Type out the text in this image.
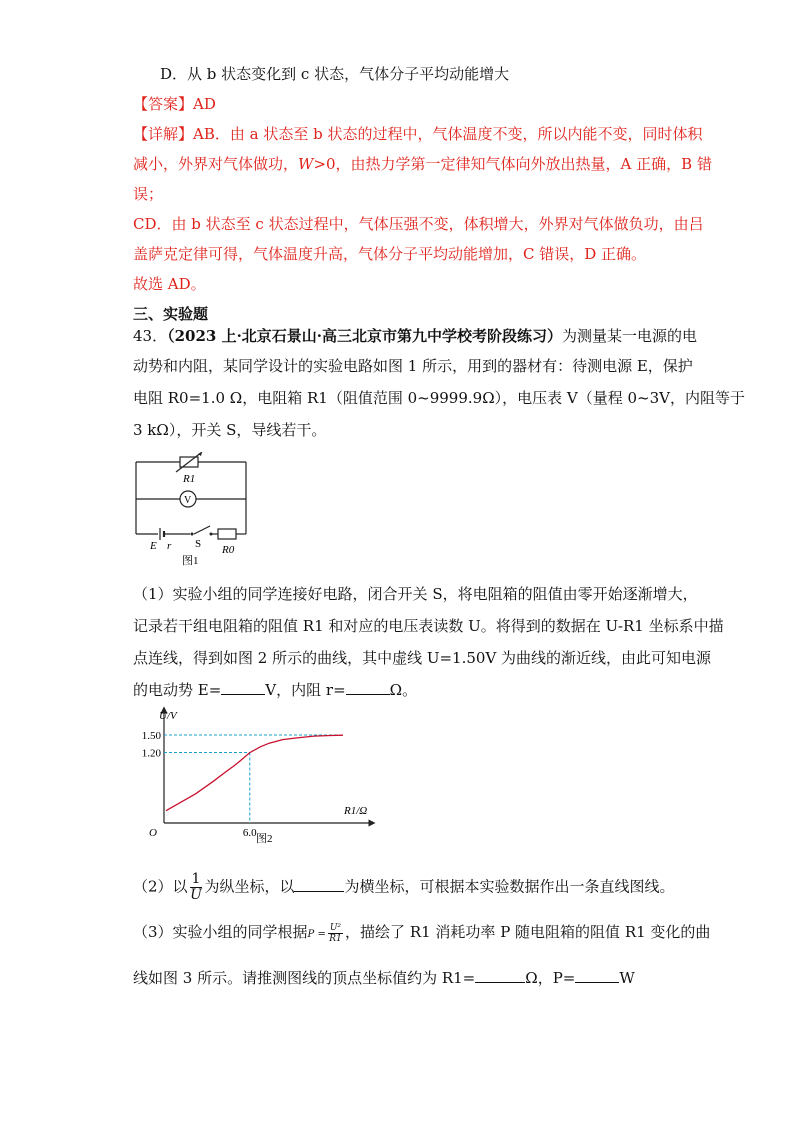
D．从 b 状态变化到 c 状态，气体分子平均动能增大
【答案】AD
【详解】AB．由 a 状态至 b 状态的过程中，气体温度不变，所以内能不变，同时体积
减小，外界对气体做功，W>0，由热力学第一定律知气体向外放出热量，A 正确，B 错
误；
CD．由 b 状态至 c 状态过程中，气体压强不变，体积增大，外界对气体做负功，由吕
盖萨克定律可得，气体温度升高，气体分子平均动能增加，C 错误，D 正确。
故选 AD。
三、实验题
43．（2023 上·北京石景山·高三北京市第九中学校考阶段练习）为测量某一电源的电
动势和内阻，某同学设计的实验电路如图 1 所示，用到的器材有：待测电源 E，保护
电阻 R0=1.0 Ω，电阻箱 R1（阻值范围 0~9999.9Ω），电压表 V（量程 0~3V，内阻等于
3 kΩ），开关 S，导线若干。
R1
V
E r S R0
图1
（1）实验小组的同学连接好电路，闭合开关 S，将电阻箱的阻值由零开始逐渐增大，
记录若干组电阻箱的阻值 R1 和对应的电压表读数 U。将得到的数据在 U-R1 坐标系中描
点连线，得到如图 2 所示的曲线，其中虚线 U=1.50V 为曲线的渐近线，由此可知电源
的电动势 E=	V，内阻 r=	Ω。
U/V
R1/Ω
O
1.20
1.50
6.0 图2
（2）以 $\frac{1}{U}$ 为纵坐标，以	为横坐标，可根据本实验数据作出一条直线图线。
（3）实验小组的同学根据$P = \frac{\text{U²}}{R1}$ ，描绘了 R1 消耗功率 P 随电阻箱的阻值 R1 变化的曲
线如图 3 所示。请推测图线的顶点坐标值约为 R1=	Ω，P=	W
